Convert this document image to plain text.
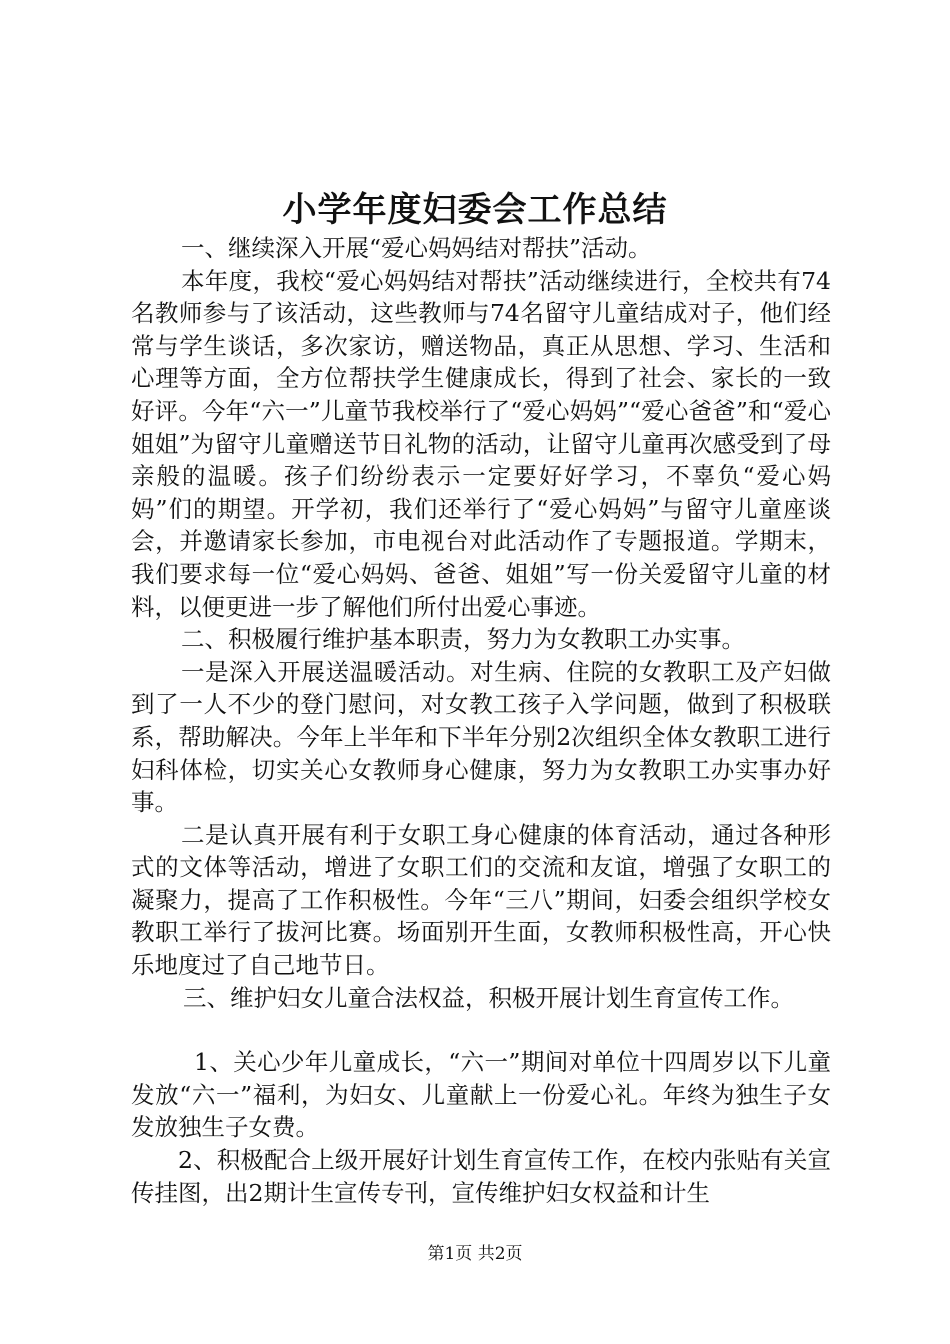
小学年度妇委会工作总结

一、继续深入开展“爱心妈妈结对帮扶”活动。

本年度，我校“爱心妈妈结对帮扶”活动继续进行，全校共有74名教师参与了该活动，这些教师与74名留守儿童结成对子，他们经常与学生谈话，多次家访，赠送物品，真正从思想、学习、生活和心理等方面，全方位帮扶学生健康成长，得到了社会、家长的一致好评。今年“六一”儿童节我校举行了“爱心妈妈”“爱心爸爸”和“爱心姐姐”为留守儿童赠送节日礼物的活动，让留守儿童再次感受到了母亲般的温暖。孩子们纷纷表示一定要好好学习，不辜负“爱心妈妈”们的期望。开学初，我们还举行了“爱心妈妈”与留守儿童座谈会，并邀请家长参加，市电视台对此活动作了专题报道。学期末，我们要求每一位“爱心妈妈、爸爸、姐姐”写一份关爱留守儿童的材料，以便更进一步了解他们所付出爱心事迹。

二、积极履行维护基本职责，努力为女教职工办实事。

一是深入开展送温暖活动。对生病、住院的女教职工及产妇做到了一人不少的登门慰问，对女教工孩子入学问题，做到了积极联系，帮助解决。今年上半年和下半年分别2次组织全体女教职工进行妇科体检，切实关心女教师身心健康，努力为女教职工办实事办好事。

二是认真开展有利于女职工身心健康的体育活动，通过各种形式的文体等活动，增进了女职工们的交流和友谊，增强了女职工的凝聚力，提高了工作积极性。今年“三八”期间，妇委会组织学校女教职工举行了拔河比赛。场面别开生面，女教师积极性高，开心快乐地度过了自己地节日。

三、维护妇女儿童合法权益，积极开展计划生育宣传工作。

1、关心少年儿童成长，“六一”期间对单位十四周岁以下儿童发放“六一”福利，为妇女、儿童献上一份爱心礼。年终为独生子女发放独生子女费。

2、积极配合上级开展好计划生育宣传工作，在校内张贴有关宣传挂图，出2期计生宣传专刊，宣传维护妇女权益和计生

第1页 共2页
